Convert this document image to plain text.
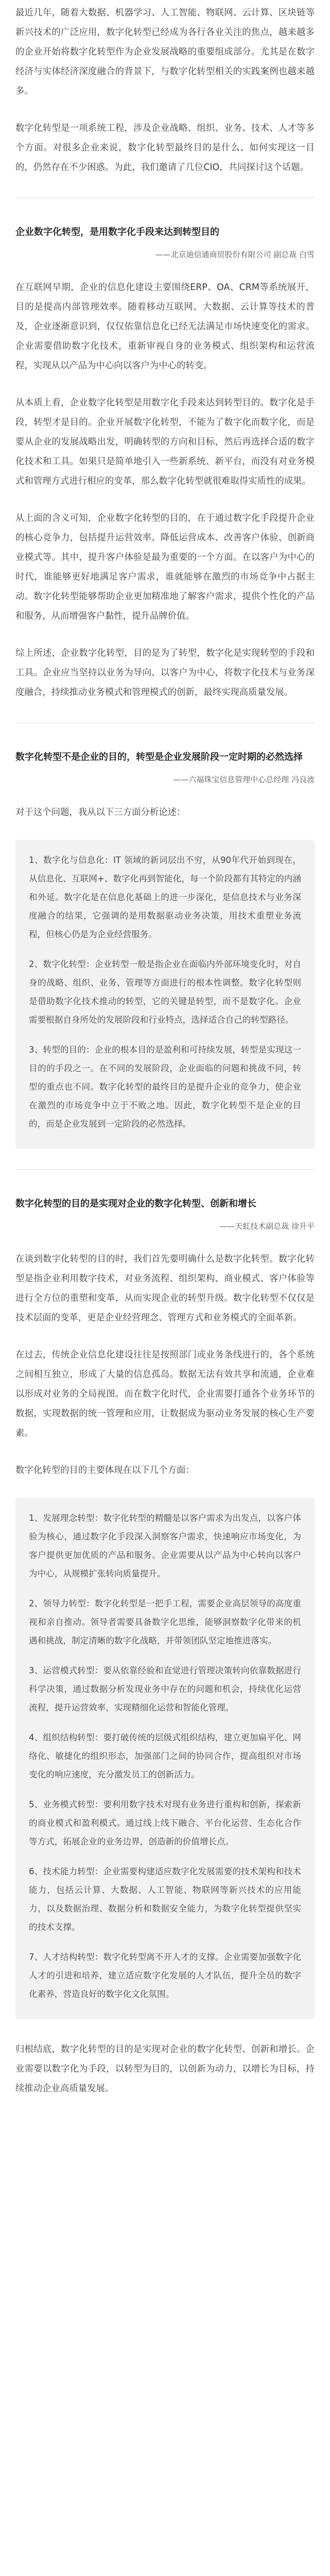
最近几年，随着大数据、机器学习、人工智能、物联网、云计算、区块链等新兴技术的广泛应用，数字化转型已经成为各行各业关注的焦点，越来越多的企业开始将数字化转型作为企业发展战略的重要组成部分。尤其是在数字经济与实体经济深度融合的背景下，与数字化转型相关的实践案例也越来越多。

数字化转型是一项系统工程，涉及企业战略、组织、业务、技术、人才等多个方面。对很多企业来说，数字化转型最终目的是什么、如何实现这一目的，仍然存在不少困惑。为此，我们邀请了几位CIO，共同探讨这个话题。

企业数字化转型，是用数字化手段来达到转型目的
——北京迪信通商贸股份有限公司 副总裁 白雪

在互联网早期，企业的信息化建设主要围绕ERP、OA、CRM等系统展开，目的是提高内部管理效率。随着移动互联网、大数据、云计算等技术的普及，企业逐渐意识到，仅仅依靠信息化已经无法满足市场快速变化的需求。企业需要借助数字化技术，重新审视自身的业务模式、组织架构和运营流程，实现从以产品为中心向以客户为中心的转变。

从本质上看，企业数字化转型是用数字化手段来达到转型目的。数字化是手段，转型才是目的。企业开展数字化转型，不能为了数字化而数字化，而是要从企业的发展战略出发，明确转型的方向和目标，然后再选择合适的数字化技术和工具。如果只是简单地引入一些新系统、新平台，而没有对业务模式和管理方式进行相应的变革，那么数字化转型就很难取得实质性的成果。

从上面的含义可知，企业数字化转型的目的，在于通过数字化手段提升企业的核心竞争力，包括提升运营效率、降低运营成本、改善客户体验、创新商业模式等。其中，提升客户体验是最为重要的一个方面。在以客户为中心的时代，谁能够更好地满足客户需求，谁就能够在激烈的市场竞争中占据主动。数字化转型能够帮助企业更加精准地了解客户需求，提供个性化的产品和服务，从而增强客户黏性，提升品牌价值。

综上所述，企业数字化转型，目的是为了转型，数字化是实现转型的手段和工具。企业应当坚持以业务为导向、以客户为中心，将数字化技术与业务深度融合，持续推动业务模式和管理模式的创新，最终实现高质量发展。

数字化转型不是企业的目的，转型是企业发展阶段一定时期的必然选择
——六福珠宝信息管理中心总经理 冯良波

对于这个问题，我从以下三方面分析论述：

1、数字化与信息化：IT 领域的新词层出不穷，从90年代开始到现在，从信息化、互联网+、数字化再到智能化，每一个阶段都有其特定的内涵和外延。数字化是在信息化基础上的进一步深化，是信息技术与业务深度融合的结果，它强调的是用数据驱动业务决策，用技术重塑业务流程，但核心仍是为企业经营服务。
2、数字化转型：企业转型一般是指企业在面临内外部环境变化时，对自身的战略、组织、业务、管理等方面进行的根本性调整。数字化转型则是借助数字化技术推动的转型，它的关键是转型，而不是数字化。企业需要根据自身所处的发展阶段和行业特点，选择适合自己的转型路径。
3、转型的目的：企业的根本目的是盈利和可持续发展，转型是实现这一目的的手段之一。在不同的发展阶段，企业面临的问题和挑战不同，转型的重点也不同。数字化转型的最终目的是提升企业的竞争力，使企业在激烈的市场竞争中立于不败之地。因此，数字化转型不是企业的目的，而是企业发展到一定阶段的必然选择。
数字化转型的目的是实现对企业的数字化转型、创新和增长
——天虹技术副总裁 徐升平

在谈到数字化转型的目的时，我们首先要明确什么是数字化转型。数字化转型是指企业利用数字技术，对业务流程、组织架构、商业模式、客户体验等进行全方位的重塑和变革，从而实现企业的转型升级。数字化转型不仅仅是技术层面的变革，更是企业经营理念、管理方式和业务模式的全面革新。

在过去，传统企业信息化建设往往是按照部门或业务条线进行的，各个系统之间相互独立，形成了大量的信息孤岛。数据无法有效共享和流通，企业难以形成对业务的全局视图。而在数字化时代，企业需要打通各个业务环节的数据，实现数据的统一管理和应用，让数据成为驱动业务发展的核心生产要素。

数字化转型的目的主要体现在以下几个方面：

1、发展理念转型：数字化转型的精髓是以客户需求为出发点，以客户体验为核心，通过数字化手段深入洞察客户需求，快速响应市场变化，为客户提供更加优质的产品和服务。企业需要从以产品为中心转向以客户为中心，从规模扩张转向质量提升。
2、领导力转型：数字化转型是一把手工程，需要企业高层领导的高度重视和亲自推动。领导者需要具备数字化思维，能够洞察数字化带来的机遇和挑战，制定清晰的数字化战略，并带领团队坚定地推进落实。
3、运营模式转型：要从依靠经验和直觉进行管理决策转向依靠数据进行科学决策，通过数据分析发现业务中存在的问题和机会，持续优化运营流程，提升运营效率，实现精细化运营和智能化管理。
4、组织结构转型：要打破传统的层级式组织结构，建立更加扁平化、网络化、敏捷化的组织形态，加强部门之间的协同合作，提高组织对市场变化的响应速度，充分激发员工的创新活力。
5、业务模式转型：要利用数字技术对现有业务进行重构和创新，探索新的商业模式和盈利模式。通过线上线下融合、平台化运营、生态化合作等方式，拓展企业的业务边界，创造新的价值增长点。
6、技术能力转型：企业需要构建适应数字化发展需要的技术架构和技术能力，包括云计算、大数据、人工智能、物联网等新兴技术的应用能力，以及数据治理、数据分析和数据安全能力，为数字化转型提供坚实的技术支撑。
7、人才结构转型：数字化转型离不开人才的支撑。企业需要加强数字化人才的引进和培养，建立适应数字化发展的人才队伍，提升全员的数字化素养，营造良好的数字化文化氛围。

归根结底，数字化转型的目的是实现对企业的数字化转型、创新和增长。企业需要以数字化为手段，以转型为目的，以创新为动力，以增长为目标，持续推动企业高质量发展。
